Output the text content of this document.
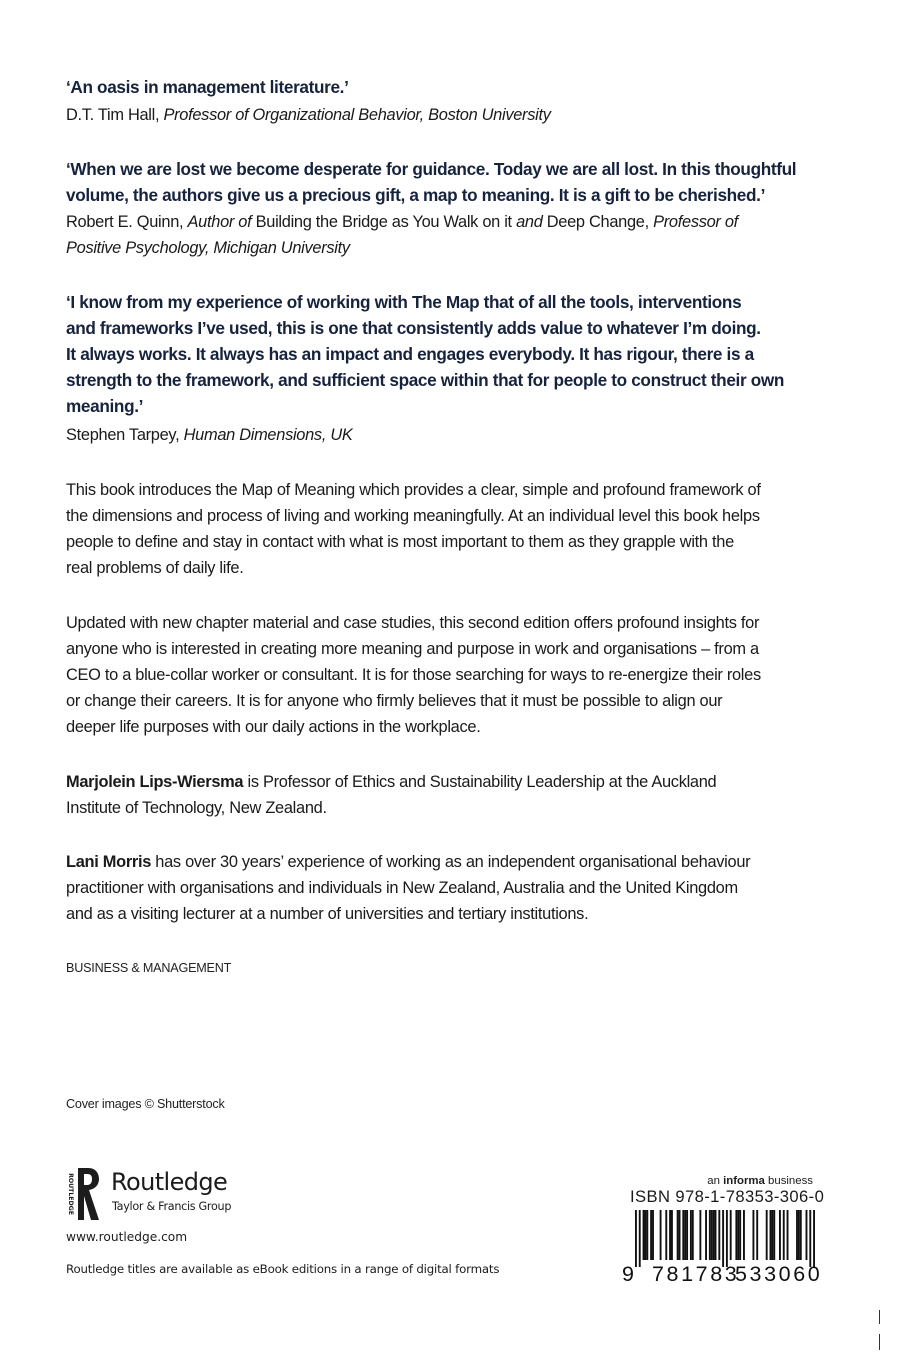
‘An oasis in management literature.’
D.T. Tim Hall, Professor of Organizational Behavior, Boston University
‘When we are lost we become desperate for guidance. Today we are all lost. In this thoughtful
volume, the authors give us a precious gift, a map to meaning. It is a gift to be cherished.’
Robert E. Quinn, Author of Building the Bridge as You Walk on it and Deep Change, Professor of
Positive Psychology, Michigan University
‘I know from my experience of working with The Map that of all the tools, interventions
and frameworks I’ve used, this is one that consistently adds value to whatever I’m doing.
It always works. It always has an impact and engages everybody. It has rigour, there is a
strength to the framework, and sufficient space within that for people to construct their own
meaning.’
Stephen Tarpey, Human Dimensions, UK
This book introduces the Map of Meaning which provides a clear, simple and profound framework of
the dimensions and process of living and working meaningfully. At an individual level this book helps
people to define and stay in contact with what is most important to them as they grapple with the
real problems of daily life.
Updated with new chapter material and case studies, this second edition offers profound insights for
anyone who is interested in creating more meaning and purpose in work and organisations – from a
CEO to a blue-collar worker or consultant. It is for those searching for ways to re-energize their roles
or change their careers. It is for anyone who firmly believes that it must be possible to align our
deeper life purposes with our daily actions in the workplace.
Marjolein Lips-Wiersma is Professor of Ethics and Sustainability Leadership at the Auckland
Institute of Technology, New Zealand.
Lani Morris has over 30 years’ experience of working as an independent organisational behaviour
practitioner with organisations and individuals in New Zealand, Australia and the United Kingdom
and as a visiting lecturer at a number of universities and tertiary institutions.
BUSINESS & MANAGEMENT
Cover images © Shutterstock
ROUTLEDGE Routledge
Taylor & Francis Group
www.routledge.com
Routledge titles are available as eBook editions in a range of digital formats
an informa business
ISBN 978-1-78353-306-0
9 781783
533060
